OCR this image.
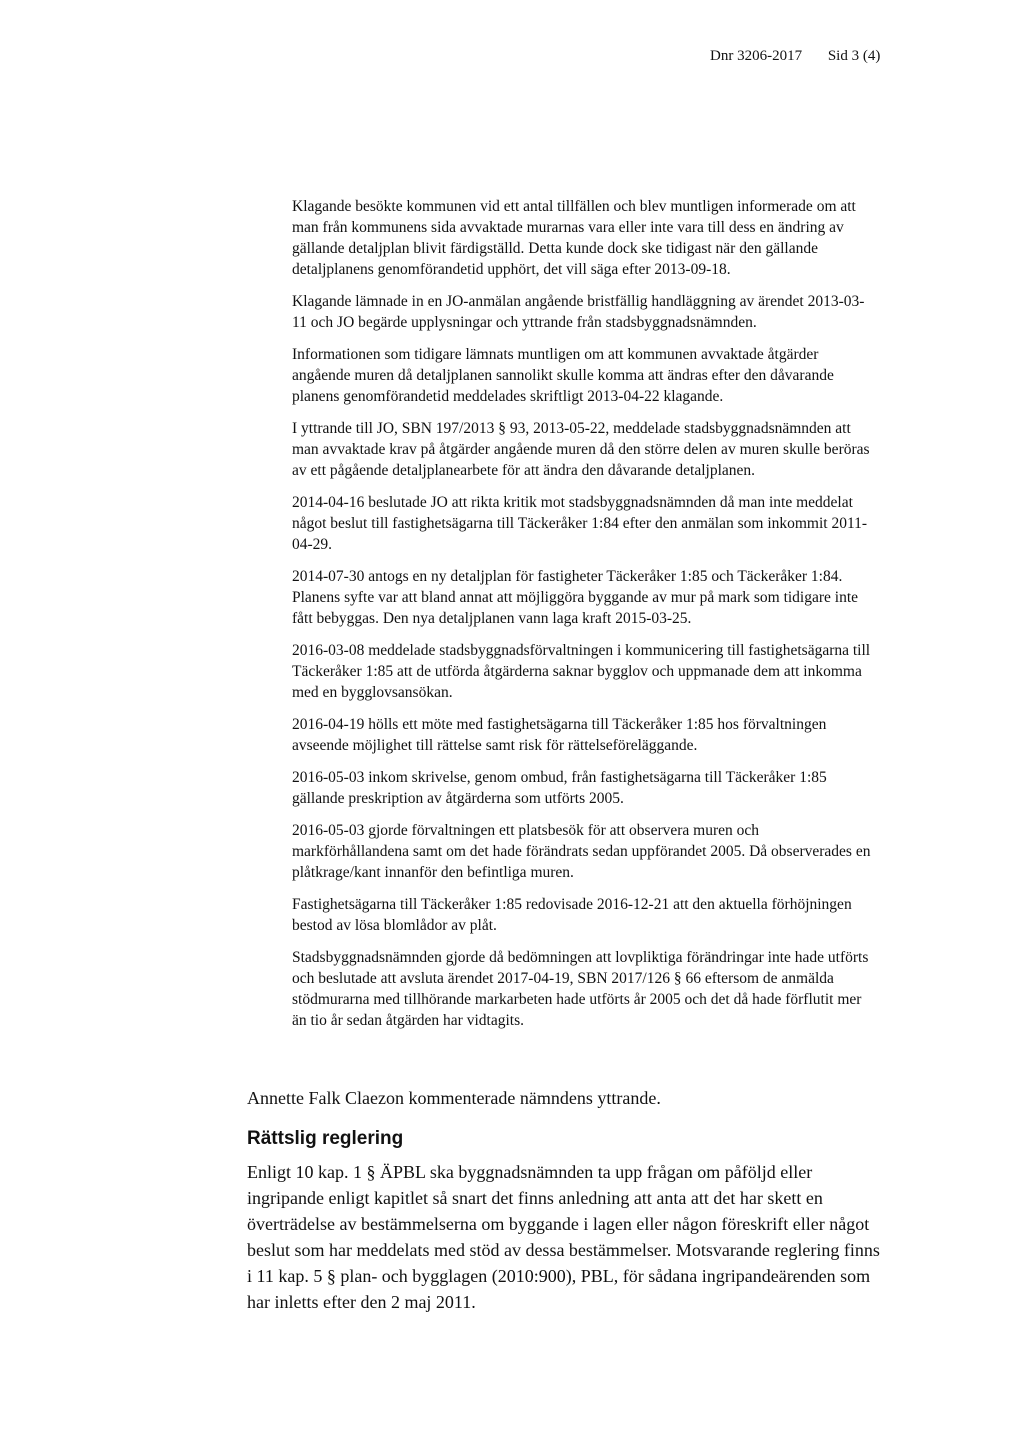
Dnr 3206-2017 Sid 3 (4)

Klagande besökte kommunen vid ett antal tillfällen och blev muntligen informerade om att man från kommunens sida avvaktade murarnas vara eller inte vara till dess en ändring av gällande detaljplan blivit färdigställd. Detta kunde dock ske tidigast när den gällande detaljplanens genomförandetid upphört, det vill säga efter 2013-09-18.

Klagande lämnade in en JO-anmälan angående bristfällig handläggning av ärendet 2013-03-11 och JO begärde upplysningar och yttrande från stadsbyggnadsnämnden.

Informationen som tidigare lämnats muntligen om att kommunen avvaktade åtgärder angående muren då detaljplanen sannolikt skulle komma att ändras efter den dåvarande planens genomförandetid meddelades skriftligt 2013-04-22 klagande.

I yttrande till JO, SBN 197/2013 § 93, 2013-05-22, meddelade stadsbyggnadsnämnden att man avvaktade krav på åtgärder angående muren då den större delen av muren skulle beröras av ett pågående detaljplanearbete för att ändra den dåvarande detaljplanen.

2014-04-16 beslutade JO att rikta kritik mot stadsbyggnadsnämnden då man inte meddelat något beslut till fastighetsägarna till Täckeråker 1:84 efter den anmälan som inkommit 2011-04-29.

2014-07-30 antogs en ny detaljplan för fastigheter Täckeråker 1:85 och Täckeråker 1:84. Planens syfte var att bland annat att möjliggöra byggande av mur på mark som tidigare inte fått bebyggas. Den nya detaljplanen vann laga kraft 2015-03-25.

2016-03-08 meddelade stadsbyggnadsförvaltningen i kommunicering till fastighetsägarna till Täckeråker 1:85 att de utförda åtgärderna saknar bygglov och uppmanade dem att inkomma med en bygglovsansökan.

2016-04-19 hölls ett möte med fastighetsägarna till Täckeråker 1:85 hos förvaltningen avseende möjlighet till rättelse samt risk för rättelseföreläggande.

2016-05-03 inkom skrivelse, genom ombud, från fastighetsägarna till Täckeråker 1:85 gällande preskription av åtgärderna som utförts 2005.

2016-05-03 gjorde förvaltningen ett platsbesök för att observera muren och markförhållandena samt om det hade förändrats sedan uppförandet 2005. Då observerades en plåtkrage/kant innanför den befintliga muren.

Fastighetsägarna till Täckeråker 1:85 redovisade 2016-12-21 att den aktuella förhöjningen bestod av lösa blomlådor av plåt.

Stadsbyggnadsnämnden gjorde då bedömningen att lovpliktiga förändringar inte hade utförts och beslutade att avsluta ärendet 2017-04-19, SBN 2017/126 § 66 eftersom de anmälda stödmurarna med tillhörande markarbeten hade utförts år 2005 och det då hade förflutit mer än tio år sedan åtgärden har vidtagits.

Annette Falk Claezon kommenterade nämndens yttrande.
Rättslig reglering
Enligt 10 kap. 1 § ÄPBL ska byggnadsnämnden ta upp frågan om påföljd eller ingripande enligt kapitlet så snart det finns anledning att anta att det har skett en överträdelse av bestämmelserna om byggande i lagen eller någon föreskrift eller något beslut som har meddelats med stöd av dessa bestämmelser. Motsvarande reglering finns i 11 kap. 5 § plan- och bygglagen (2010:900), PBL, för sådana ingripandeärenden som har inletts efter den 2 maj 2011.
